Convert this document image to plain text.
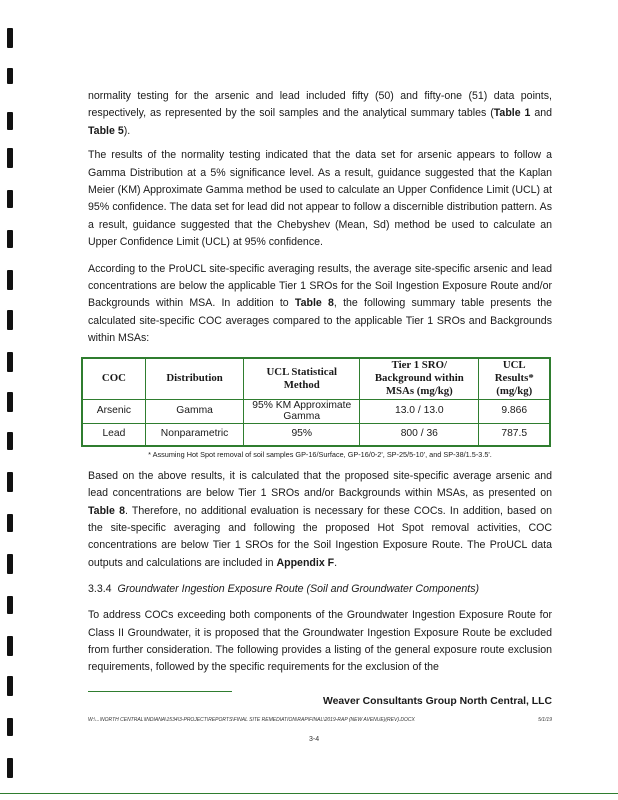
normality testing for the arsenic and lead included fifty (50) and fifty-one (51) data points, respectively, as represented by the soil samples and the analytical summary tables (Table 1 and Table 5).

The results of the normality testing indicated that the data set for arsenic appears to follow a Gamma Distribution at a 5% significance level. As a result, guidance suggested that the Kaplan Meier (KM) Approximate Gamma method be used to calculate an Upper Confidence Limit (UCL) at 95% confidence. The data set for lead did not appear to follow a discernible distribution pattern. As a result, guidance suggested that the Chebyshev (Mean, Sd) method be used to calculate an Upper Confidence Limit (UCL) at 95% confidence.

According to the ProUCL site-specific averaging results, the average site-specific arsenic and lead concentrations are below the applicable Tier 1 SROs for the Soil Ingestion Exposure Route and/or Backgrounds within MSA. In addition to Table 8, the following summary table presents the calculated site-specific COC averages compared to the applicable Tier 1 SROs and Backgrounds within MSAs:

COC	Distribution	UCL Statistical Method	Tier 1 SRO/ Background within MSAs (mg/kg)	UCL Results* (mg/kg)
Arsenic	Gamma	95% KM Approximate Gamma	13.0 / 13.0	9.866
Lead	Nonparametric	95%	800 / 36	787.5
* Assuming Hot Spot removal of soil samples GP-16/Surface, GP-16/0-2', SP-25/5-10', and SP-38/1.5-3.5'.

Based on the above results, it is calculated that the proposed site-specific average arsenic and lead concentrations are below Tier 1 SROs and/or Backgrounds within MSAs, as presented on Table 8. Therefore, no additional evaluation is necessary for these COCs. In addition, based on the site-specific averaging and following the proposed Hot Spot removal activities, COC concentrations are below Tier 1 SROs for the Soil Ingestion Exposure Route. The ProUCL data outputs and calculations are included in Appendix F.

3.3.4 Groundwater Ingestion Exposure Route (Soil and Groundwater Components)

To address COCs exceeding both components of the Groundwater Ingestion Exposure Route for Class II Groundwater, it is proposed that the Groundwater Ingestion Exposure Route be excluded from further consideration. The following provides a listing of the general exposure route exclusion requirements, followed by the specific requirements for the exclusion of the

Weaver Consultants Group North Central, LLC
W:\...\NORTH CENTRAL\INDIANA\1534\3-PROJECT\REPORTS\FINAL SITE REMEDIATION\RAP\FINAL\2019-RAP (NEW AVENUE)(REV).DOCX	5/1/19
3-4
